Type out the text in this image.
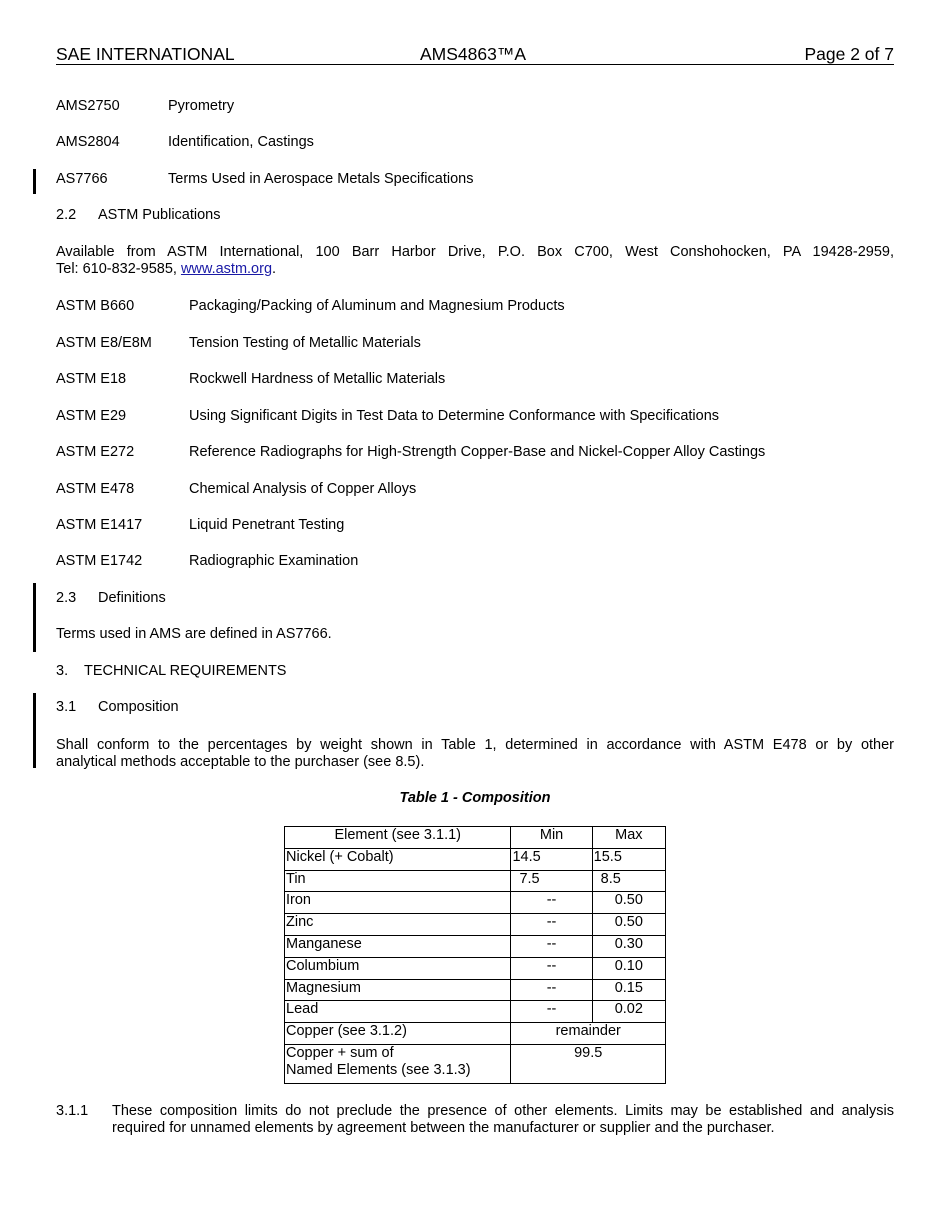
SAE INTERNATIONAL	AMS4863™A	Page 2 of 7
AMS2750	Pyrometry
AMS2804	Identification, Castings
AS7766	Terms Used in Aerospace Metals Specifications
2.2 ASTM Publications
Available from ASTM International, 100 Barr Harbor Drive, P.O. Box C700, West Conshohocken, PA 19428-2959,
Tel: 610-832-9585, www.astm.org.
ASTM B660	Packaging/Packing of Aluminum and Magnesium Products
ASTM E8/E8M	Tension Testing of Metallic Materials
ASTM E18	Rockwell Hardness of Metallic Materials
ASTM E29	Using Significant Digits in Test Data to Determine Conformance with Specifications
ASTM E272	Reference Radiographs for High-Strength Copper-Base and Nickel-Copper Alloy Castings
ASTM E478	Chemical Analysis of Copper Alloys
ASTM E1417	Liquid Penetrant Testing
ASTM E1742	Radiographic Examination
2.3 Definitions
Terms used in AMS are defined in AS7766.
3. TECHNICAL REQUIREMENTS
3.1 Composition
Shall conform to the percentages by weight shown in Table 1, determined in accordance with ASTM E478 or by other
analytical methods acceptable to the purchaser (see 8.5).
Table 1 - Composition
Element (see 3.1.1)	Min	Max
Nickel (+ Cobalt)	14.5	15.5
Tin	7.5	8.5
Iron	--	0.50
Zinc	--	0.50
Manganese	--	0.30
Columbium	--	0.10
Magnesium	--	0.15
Lead	--	0.02
Copper (see 3.1.2)	remainder	

Copper + sum of
Named Elements (see 3.1.3)	99.5	
3.1.1 These composition limits do not preclude the presence of other elements. Limits may be established and analysis
required for unnamed elements by agreement between the manufacturer or supplier and the purchaser.
